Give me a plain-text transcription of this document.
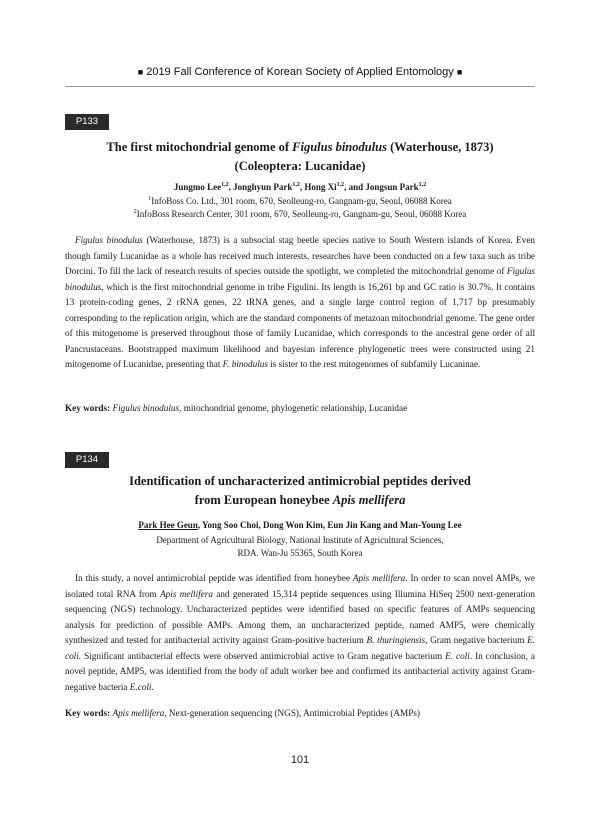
■ 2019 Fall Conference of Korean Society of Applied Entomology ■
P133
The first mitochondrial genome of Figulus binodulus (Waterhouse, 1873)
(Coleoptera: Lucanidae)
Jungmo Lee$^{1,2}$, Jonghyun Park$^{1,2}$, Hong Xi$^{1,2}$, and Jongsun Park$^{1,2}$
$^1$InfoBoss Co. Ltd., 301 room, 670, Seolleung-ro, Gangnam-gu, Seoul, 06088 Korea
$^2$InfoBoss Research Center, 301 room, 670, Seolleung-ro, Gangnam-gu, Seoul, 06088 Korea

Figulus binodulus (Waterhouse, 1873) is a subsocial stag beetle species native to South Western islands of Korea. Even though family Lucanidae as a whole has received much interests, researches have been conducted on a few taxa such as tribe Dorcini. To fill the lack of research results of species outside the spotlight, we completed the mitochondrial genome of Figulus binodulus, which is the first mitochondrial genome in tribe Figulini. Its length is 16,261 bp and GC ratio is 30.7%. It contains 13 protein-coding genes, 2 rRNA genes, 22 tRNA genes, and a single large control region of 1,717 bp presumably corresponding to the replication origin, which are the standard components of metazoan mitochondrial genome. The gene order of this mitogenome is preserved throughout those of family Lucanidae, which corresponds to the ancestral gene order of all Pancrustaceans. Bootstrapped maximum likelihood and bayesian inference phylogenetic trees were constructed using 21 mitogenome of Lucanidae, presenting that F. binodulus is sister to the rest mitogenomes of subfamily Lucaninae.

Key words: Figulus binodulus, mitochondrial genome, phylogenetic relationship, Lucanidae

P134
Identification of uncharacterized antimicrobial peptides derived
from European honeybee Apis mellifera
Park Hee Geun, Yong Soo Choi, Dong Won Kim, Eun Jin Kang and Man-Young Lee
Department of Agricultural Biology, National Institute of Agricultural Sciences,
RDA. Wan-Ju 55365, South Korea

In this study, a novel antimicrobial peptide was identified from honeybee Apis mellifera. In order to scan novel AMPs, we isolated total RNA from Apis mellifera and generated 15,314 peptide sequences using Illumina HiSeq 2500 next-generation sequencing (NGS) technology. Uncharacterized peptides were identified based on specific features of AMPs sequencing analysis for prediction of possible AMPs. Among them, an uncharacterized peptide, named AMP5, were chemically synthesized and tested for antibacterial activity against Gram-positive bacterium B. thuringiensis, Gram negative bacterium E. coli. Significant antibacterial effects were observed antimicrobial active to Gram negative bacterium E. coli. In conclusion, a novel peptide, AMP5, was identified from the body of adult worker bee and confirmed its antibacterial activity against Gram-negative bacteria E.coli.

Key words: Apis mellifera, Next-generation sequencing (NGS), Antimicrobial Peptides (AMPs)

101
